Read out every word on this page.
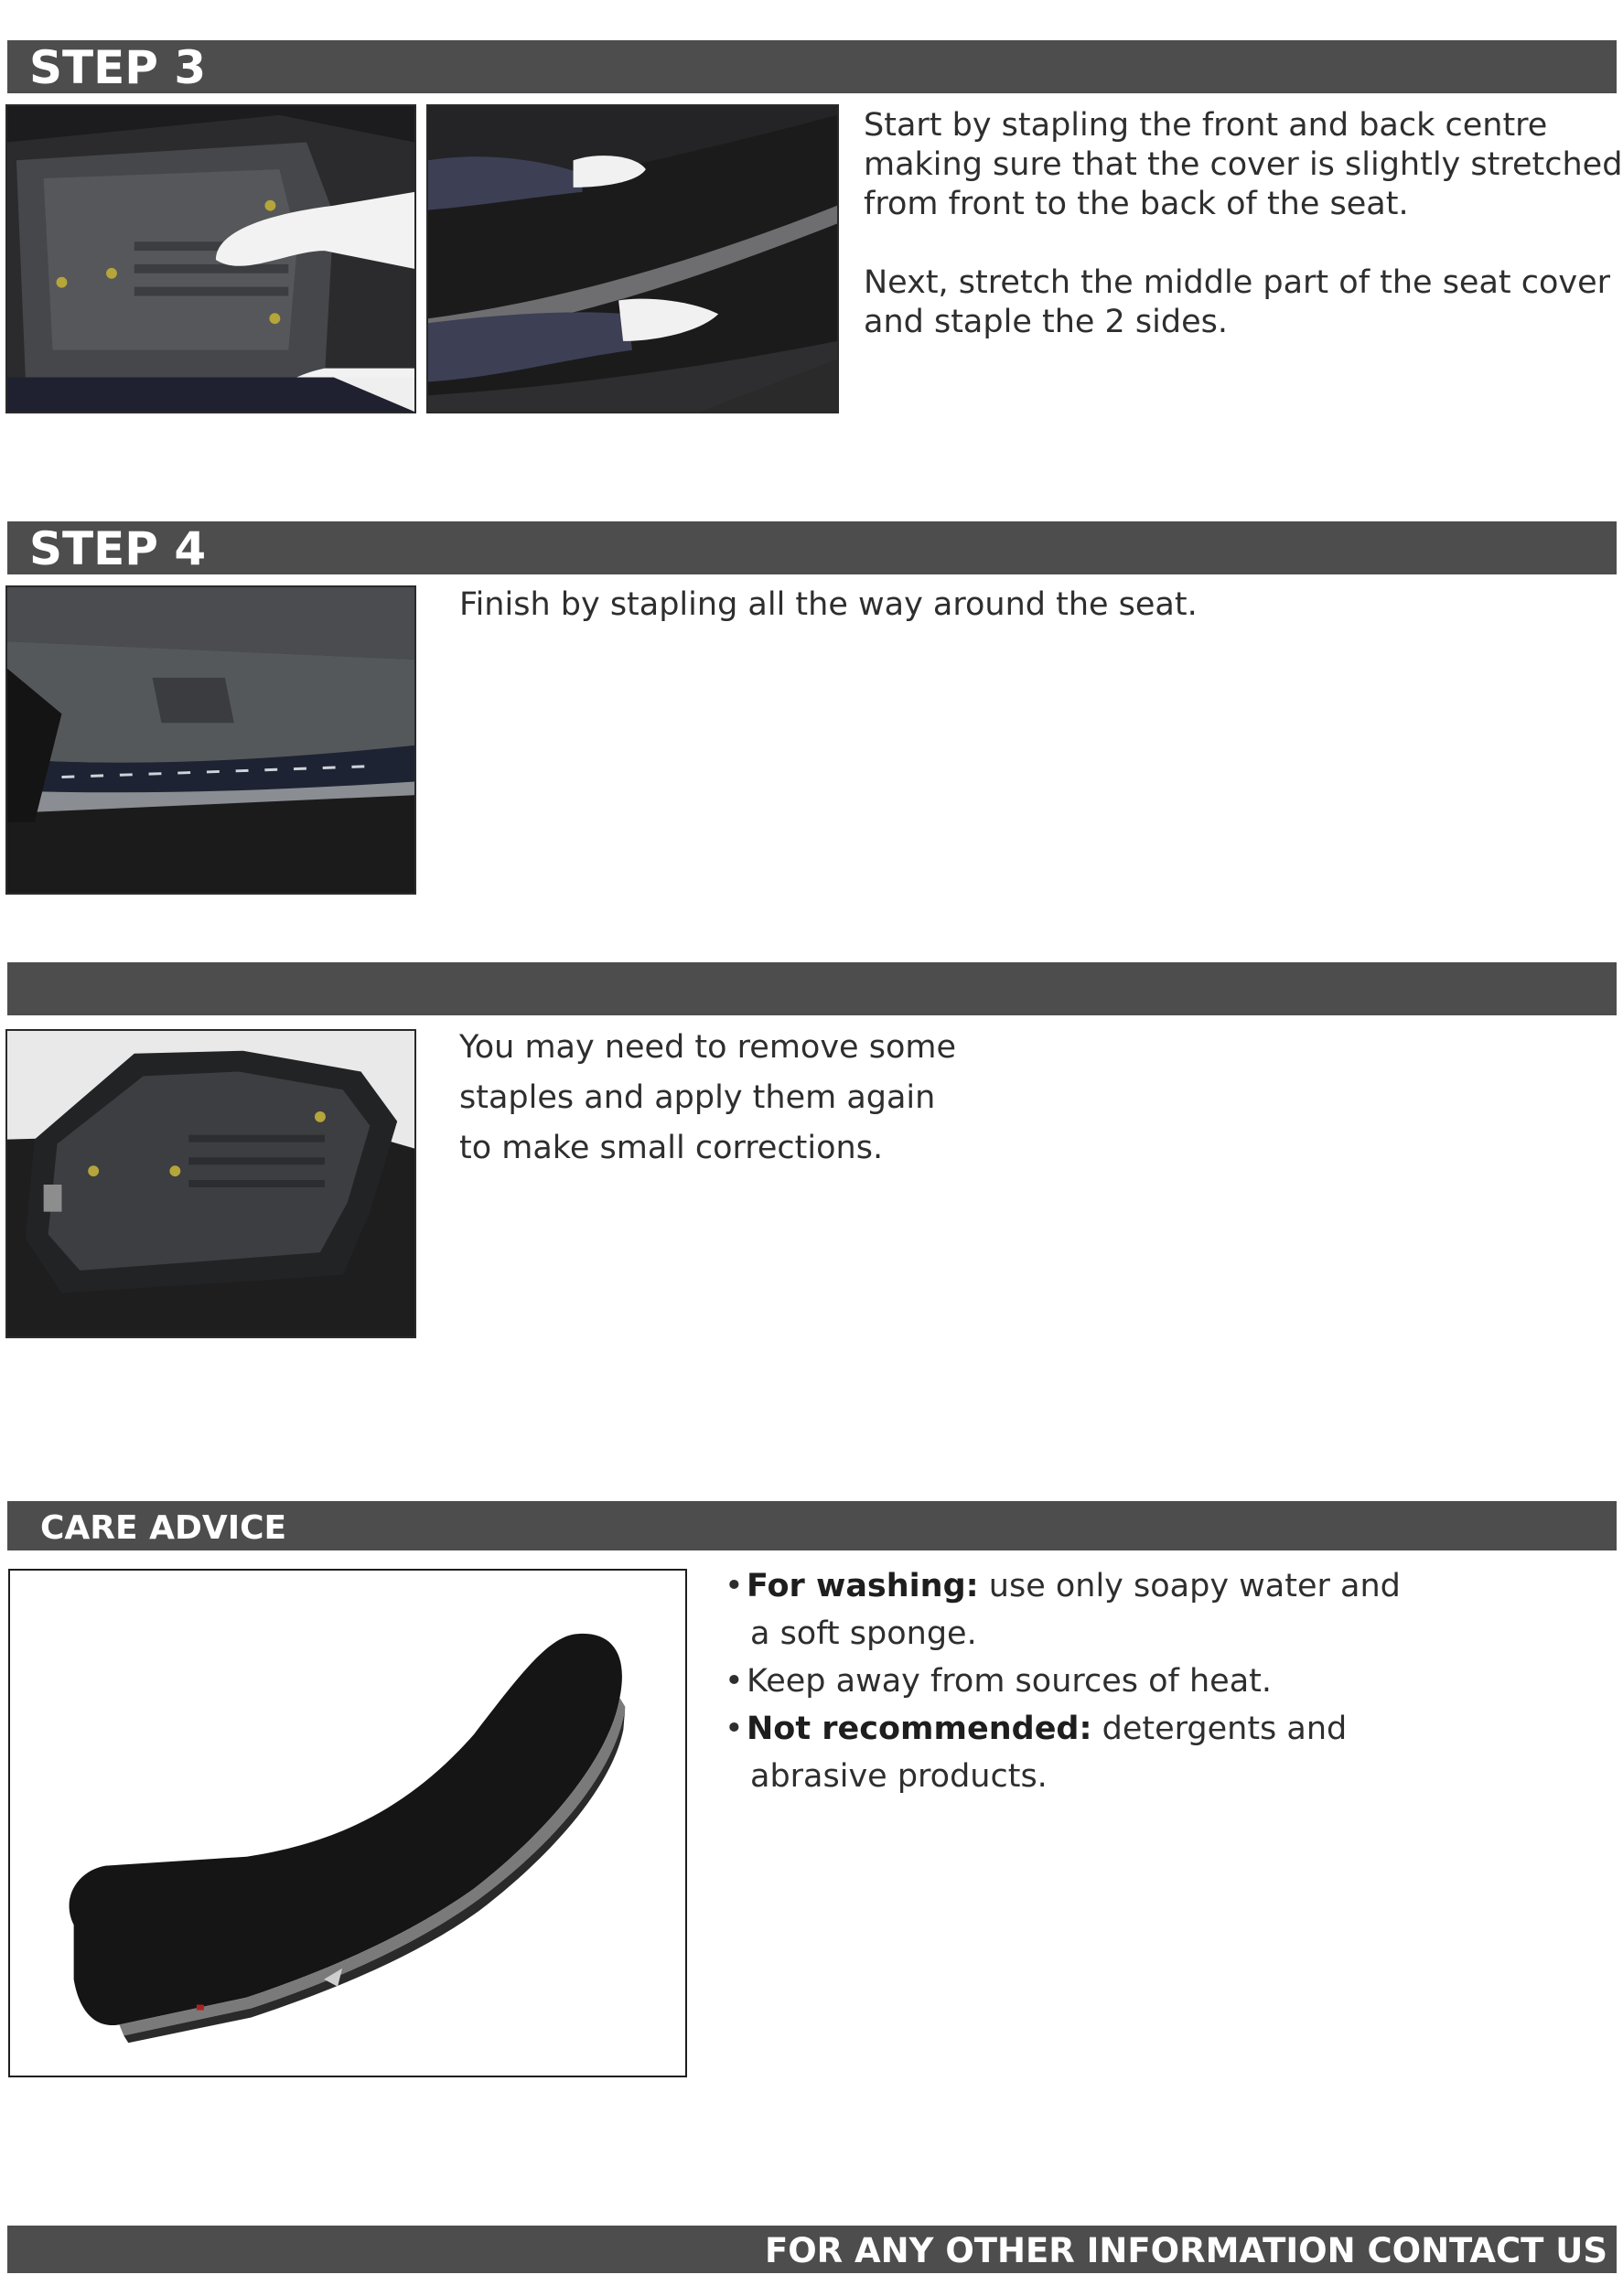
STEP 3

Start by stapling the front and back centre

making sure that the cover is slightly stretched

from front to the back of the seat.

Next, stretch the middle part of the seat cover

and staple the 2 sides.

STEP 4

Finish by stapling all the way around the seat.

You may need to remove some

staples and apply them again

to make small corrections.

CARE ADVICE
• For washing: use only soapy water and
a soft sponge.
• Keep away from sources of heat.
• Not recommended: detergents and
abrasive products.
FOR ANY OTHER INFORMATION CONTACT US
